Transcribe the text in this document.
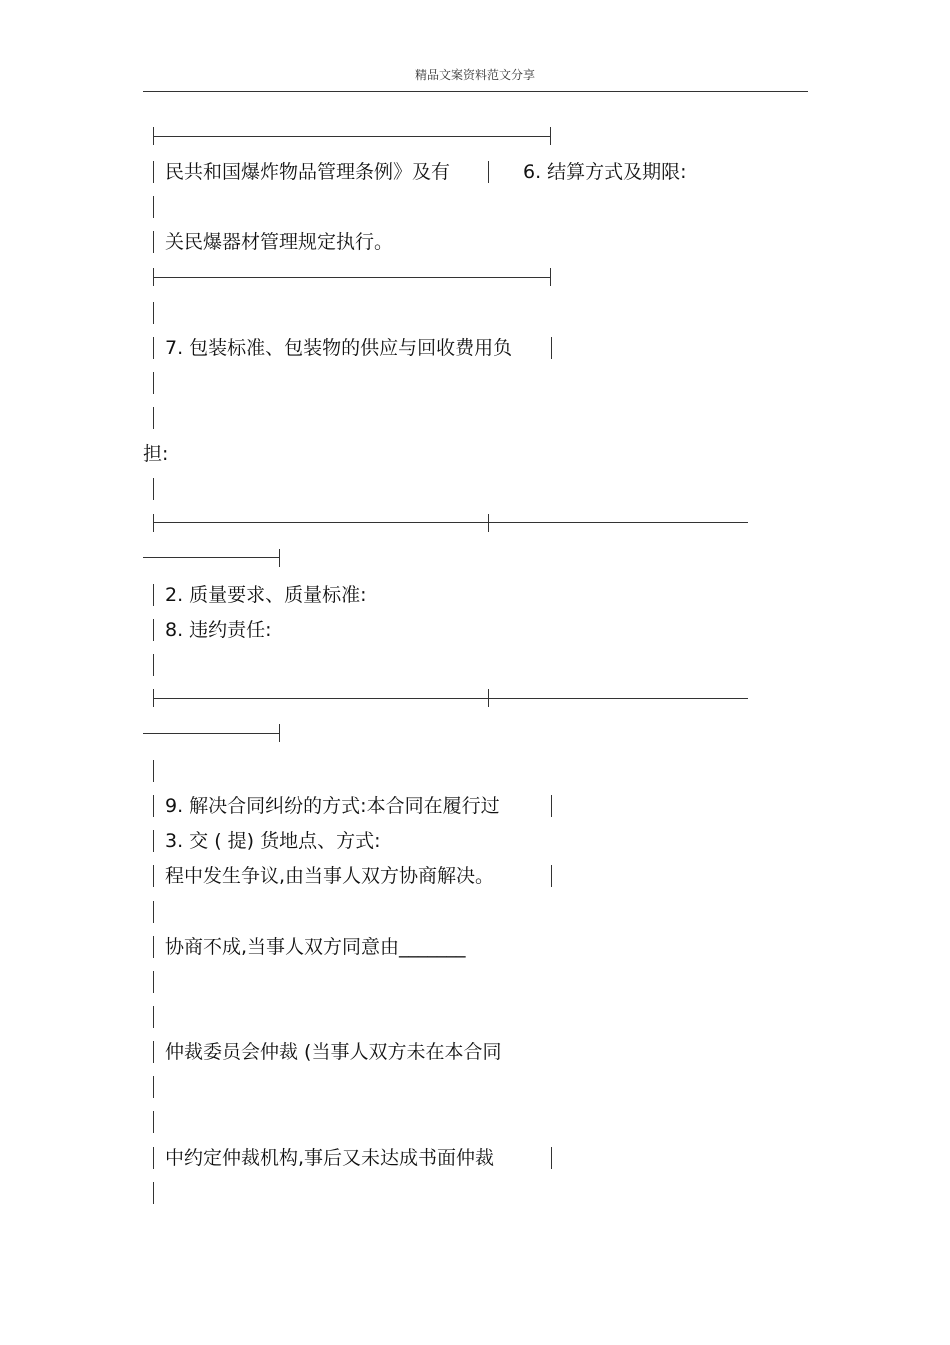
精品文案资料范文分享
民共和国爆炸物品管理条例》及有	6. 结算方式及期限:
关民爆器材管理规定执行。
7. 包装标准、包装物的供应与回收费用负
担:
2. 质量要求、质量标准:
8. 违约责任:
9. 解决合同纠纷的方式:本合同在履行过
3. 交 ( 提) 货地点、方式:
程中发生争议,由当事人双方协商解决。
协商不成,当事人双方同意由_______
仲裁委员会仲裁 (当事人双方未在本合同
中约定仲裁机构,事后又未达成书面仲裁
